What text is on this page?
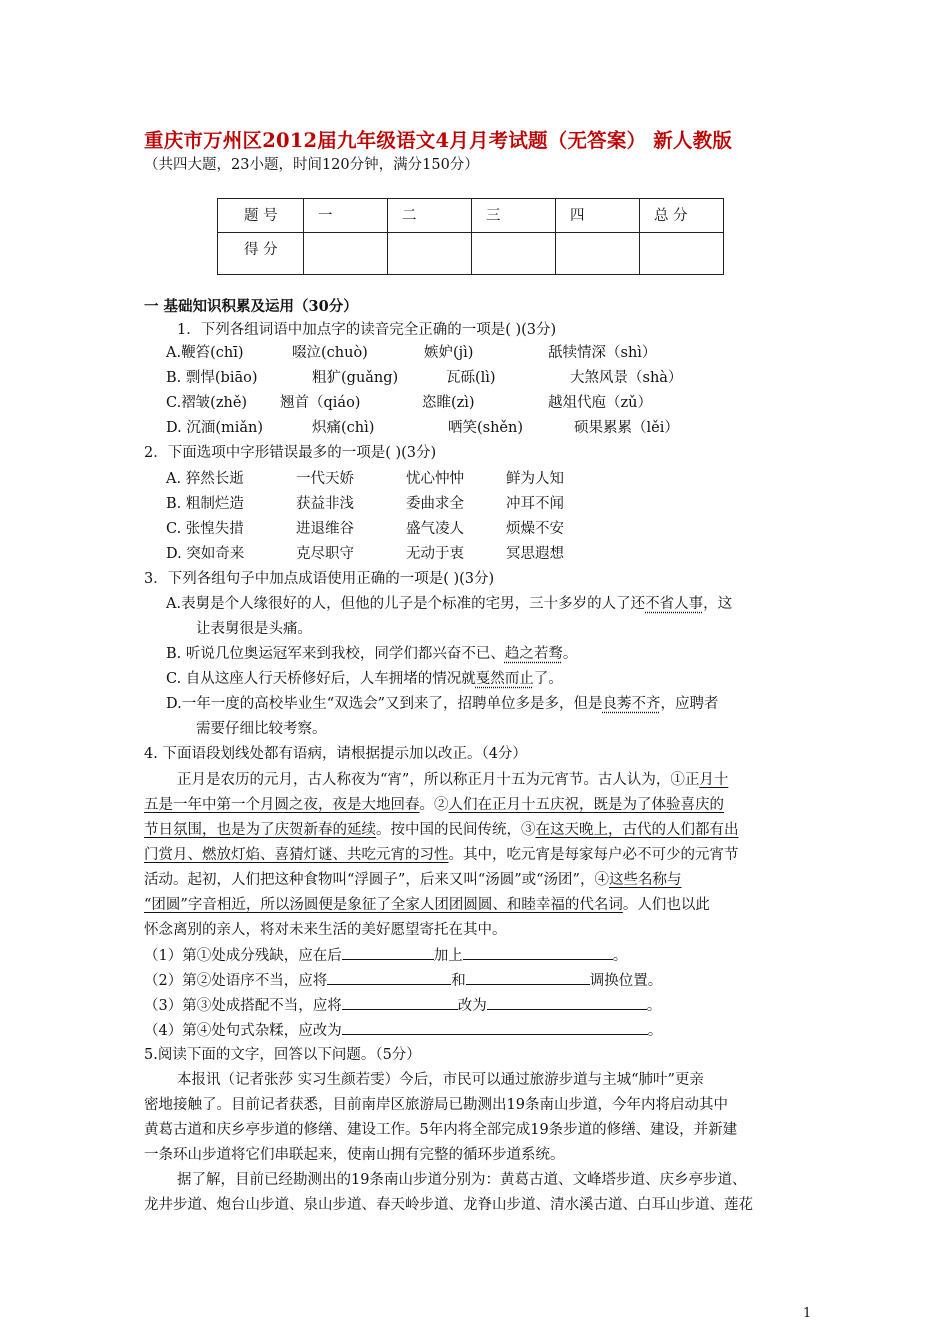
重庆市万州区2012届九年级语文4月月考试题（无答案） 新人教版
（共四大题，23小题，时间120分钟，满分150分）
题 号	一	二	三	四	总 分
得 分					
一 基础知识积累及运用（30分）
1．下列各组词语中加点字的读音完全正确的一项是( )(3分)
A.鞭笞(chī)	啜泣(chuò)	嫉妒(jì)	舐犊情深（shì）
B. 剽悍(biāo)	粗犷(guǎng)	瓦砾(lì)	大煞风景（shà）
C.褶皱(zhě) 翘首（qiáo)	恣睢(zì)	越俎代庖（zǔ）
D. 沉湎(miǎn)	炽痛(chì)	哂笑(shěn)	硕果累累（lěi）
2．下面选项中字形错误最多的一项是( )(3分)
A. 猝然长逝	一代天娇	忧心忡忡	鲜为人知
B. 粗制烂造	获益非浅	委曲求全	冲耳不闻
C. 张惶失措	进退维谷	盛气凌人	烦燥不安
D. 突如奇来	克尽职守	无动于衷	冥思遐想
3．下列各组句子中加点成语使用正确的一项是( )(3分)
A.表舅是个人缘很好的人，但他的儿子是个标准的宅男，三十多岁的人了还不省人事，这
让表舅很是头痛。
B. 听说几位奥运冠军来到我校，同学们都兴奋不已、趋之若骛。
C. 自从这座人行天桥修好后，人车拥堵的情况就戛然而止了。
D.一年一度的高校毕业生“双选会”又到来了，招聘单位多是多，但是良莠不齐，应聘者
需要仔细比较考察。
4. 下面语段划线处都有语病，请根据提示加以改正。（4分）
正月是农历的元月，古人称夜为“宵”，所以称正月十五为元宵节。古人认为，①正月十
五是一年中第一个月圆之夜，夜是大地回春。②人们在正月十五庆祝，既是为了体验喜庆的
节日氛围，也是为了庆贺新春的延续。按中国的民间传统，③在这天晚上，古代的人们都有出
门赏月、燃放灯焰、喜猜灯谜、共吃元宵的习性。其中，吃元宵是每家每户必不可少的元宵节
活动。起初，人们把这种食物叫“浮圆子”，后来又叫“汤圆”或“汤团”，④这些名称与
“团圆”字音相近，所以汤圆便是象征了全家人团团圆圆、和睦幸福的代名词。人们也以此
怀念离别的亲人，将对未来生活的美好愿望寄托在其中。
（1）第①处成分残缺，应在后	加上	。
（2）第②处语序不当，应将	和	调换位置。
（3）第③处成搭配不当，应将	改为	。
（4）第④处句式杂糅，应改为	。
5.阅读下面的文字，回答以下问题。（5分）
本报讯（记者张莎 实习生颜若雯）今后，市民可以通过旅游步道与主城“肺叶”更亲
密地接触了。目前记者获悉，目前南岸区旅游局已勘测出19条南山步道，今年内将启动其中
黄葛古道和庆乡亭步道的修缮、建设工作。5年内将全部完成19条步道的修缮、建设，并新建
一条环山步道将它们串联起来，使南山拥有完整的循环步道系统。
据了解，目前已经勘测出的19条南山步道分别为：黄葛古道、文峰塔步道、庆乡亭步道、
龙井步道、炮台山步道、泉山步道、春天岭步道、龙脊山步道、清水溪古道、白耳山步道、莲花
1
